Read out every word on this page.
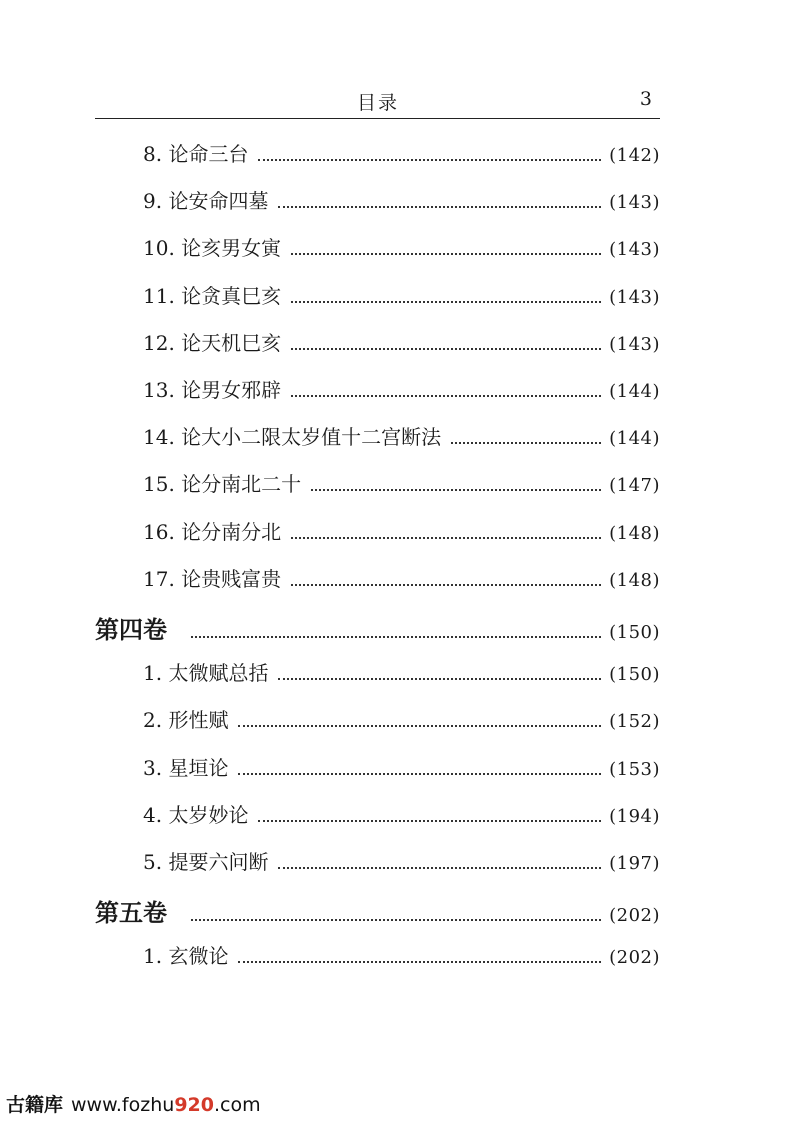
目录	3
8. 论命三台	(142)
9. 论安命四墓	(143)
10. 论亥男女寅	(143)
11. 论贪真巳亥	(143)
12. 论天机巳亥	(143)
13. 论男女邪辟	(144)
14. 论大小二限太岁值十二宫断法	(144)
15. 论分南北二十	(147)
16. 论分南分北	(148)
17. 论贵贱富贵	(148)
第四卷	(150)
1. 太微赋总括	(150)
2. 形性赋	(152)
3. 星垣论	(153)
4. 太岁妙论	(194)
5. 提要六问断	(197)
第五卷	(202)
1. 玄微论	(202)
古籍库 www.fozhu920.com
